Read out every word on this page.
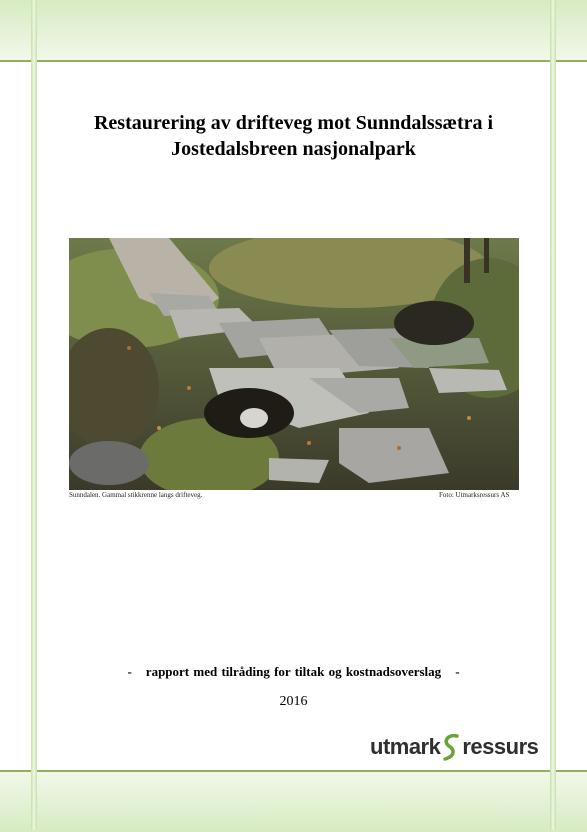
Restaurering av drifteveg mot Sunndalssætra i
Jostedalsbreen nasjonalpark
Sunndalen. Gammal stikkrenne langs drifteveg.	Foto: Utmarksressurs AS
- rapport med tilråding for tiltak og kostnadsoverslag -
2016
utmark ressurs
